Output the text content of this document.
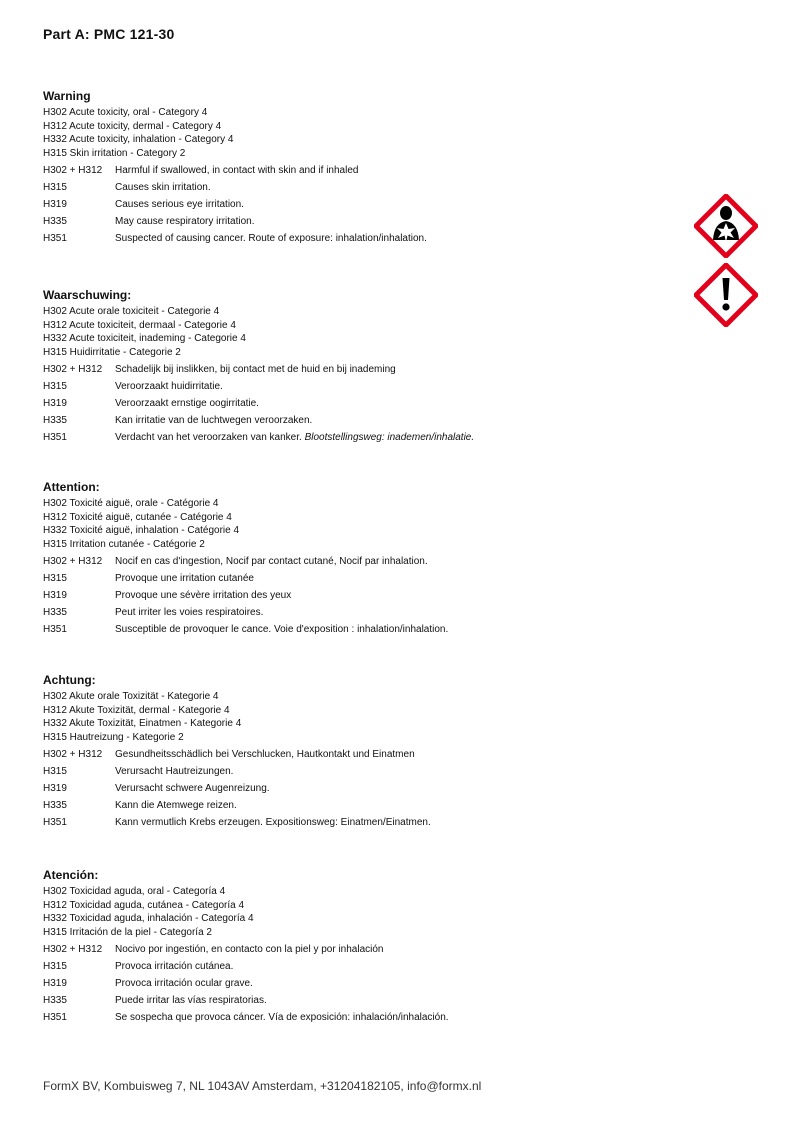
Part A: PMC 121-30
Warning
H302 Acute toxicity, oral - Category 4
H312 Acute toxicity, dermal - Category 4
H332 Acute toxicity, inhalation - Category 4
H315 Skin irritation - Category 2
H302 + H312	Harmful if swallowed, in contact with skin and if inhaled
H315	Causes skin irritation.
H319	Causes serious eye irritation.
H335	May cause respiratory irritation.
H351	Suspected of causing cancer. Route of exposure: inhalation/inhalation.
Waarschuwing:
H302 Acute orale toxiciteit - Categorie 4
H312 Acute toxiciteit, dermaal - Categorie 4
H332 Acute toxiciteit, inademing - Categorie 4
H315 Huidirritatie - Categorie 2
H302 + H312	Schadelijk bij inslikken, bij contact met de huid en bij inademing
H315	Veroorzaakt huidirritatie.
H319	Veroorzaakt ernstige oogirritatie.
H335	Kan irritatie van de luchtwegen veroorzaken.
H351	Verdacht van het veroorzaken van kanker. Blootstellingsweg: inademen/inhalatie.
Attention:
H302 Toxicité aiguë, orale - Catégorie 4
H312 Toxicité aiguë, cutanée - Catégorie 4
H332 Toxicité aiguë, inhalation - Catégorie 4
H315 Irritation cutanée - Catégorie 2
H302 + H312	Nocif en cas d'ingestion, Nocif par contact cutané, Nocif par inhalation.
H315	Provoque une irritation cutanée
H319	Provoque une sévère irritation des yeux
H335	Peut irriter les voies respiratoires.
H351	Susceptible de provoquer le cance. Voie d'exposition : inhalation/inhalation.
Achtung:
H302 Akute orale Toxizität - Kategorie 4
H312 Akute Toxizität, dermal - Kategorie 4
H332 Akute Toxizität, Einatmen - Kategorie 4
H315 Hautreizung - Kategorie 2
H302 + H312	Gesundheitsschädlich bei Verschlucken, Hautkontakt und Einatmen
H315	Verursacht Hautreizungen.
H319	Verursacht schwere Augenreizung.
H335	Kann die Atemwege reizen.
H351	Kann vermutlich Krebs erzeugen. Expositionsweg: Einatmen/Einatmen.
Atención:
H302 Toxicidad aguda, oral - Categoría 4
H312 Toxicidad aguda, cutánea - Categoría 4
H332 Toxicidad aguda, inhalación - Categoría 4
H315 Irritación de la piel - Categoría 2
H302 + H312	Nocivo por ingestión, en contacto con la piel y por inhalación
H315	Provoca irritación cutánea.
H319	Provoca irritación ocular grave.
H335	Puede irritar las vías respiratorias.
H351	Se sospecha que provoca cáncer. Vía de exposición: inhalación/inhalación.
FormX BV, Kombuisweg 7, NL 1043AV Amsterdam, +31204182105, info@formx.nl
